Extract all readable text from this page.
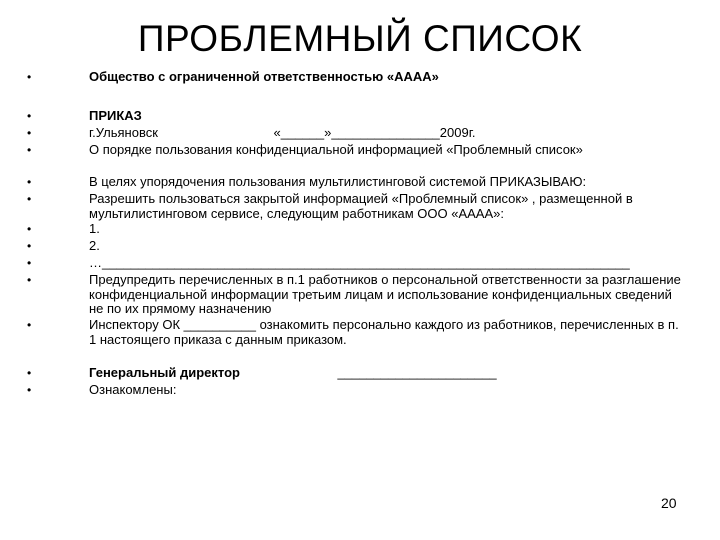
ПРОБЛЕМНЫЙ СПИСОК
•	Общество с ограниченной ответственностью «АААА»
•	ПРИКАЗ
•	г.Ульяновск                                «______»_______________2009г.
•	О порядке пользования конфиденциальной информацией «Проблемный список»
•	В целях упорядочения пользования мультилистинговой системой ПРИКАЗЫВАЮ:
•	Разрешить пользоваться закрытой информацией «Проблемный список» , размещенной в мультилистинговом сервисе, следующим работникам ООО «АААА»:
•	1.
•	2.
•	…_________________________________________________________________________
•	Предупредить перечисленных в п.1 работников о персональной ответственности за разглашение конфиденциальной информации третьим лицам и использование конфиденциальных сведений не по их прямому назначению
•	Инспектору ОК __________ ознакомить персонально каждого из работников, перечисленных в п. 1 настоящего приказа с данным приказом.
•	Генеральный директор                           ______________________
•	Ознакомлены:
20
